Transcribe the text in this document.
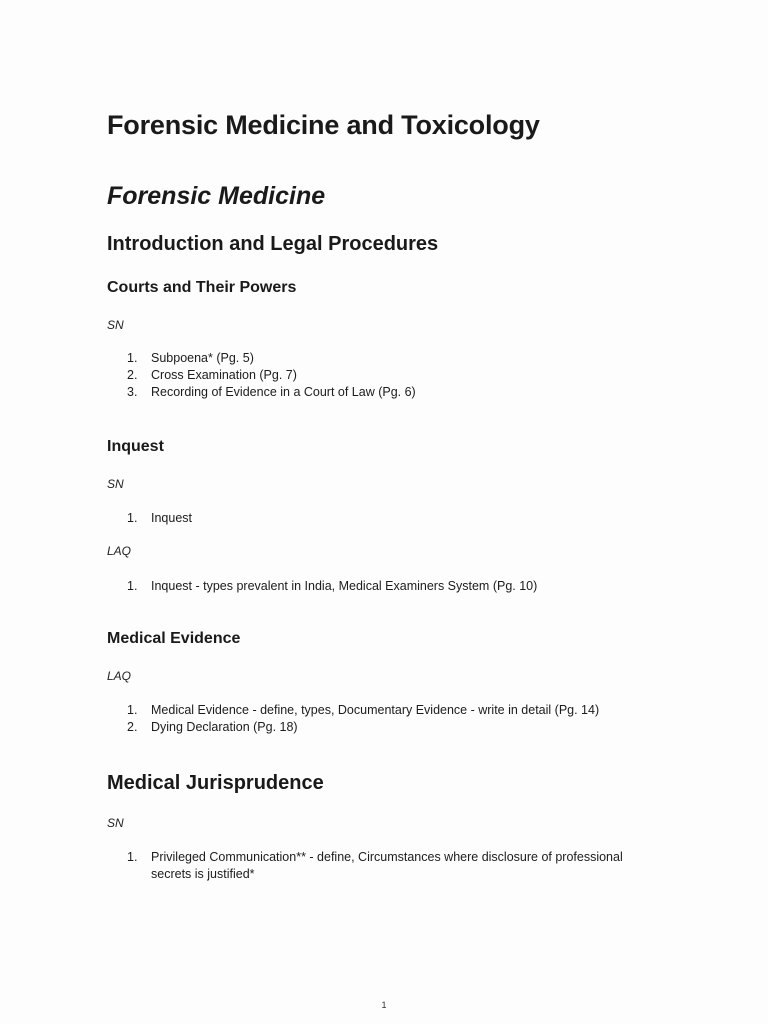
Forensic Medicine and Toxicology
Forensic Medicine
Introduction and Legal Procedures
Courts and Their Powers
SN
1. Subpoena* (Pg. 5)
2. Cross Examination (Pg. 7)
3. Recording of Evidence in a Court of Law (Pg. 6)
Inquest
SN
1. Inquest
LAQ
1. Inquest - types prevalent in India, Medical Examiners System (Pg. 10)
Medical Evidence
LAQ
1. Medical Evidence - define, types, Documentary Evidence - write in detail (Pg. 14)
2. Dying Declaration (Pg. 18)
Medical Jurisprudence
SN
1. Privileged Communication** - define, Circumstances where disclosure of professional secrets is justified*
1
